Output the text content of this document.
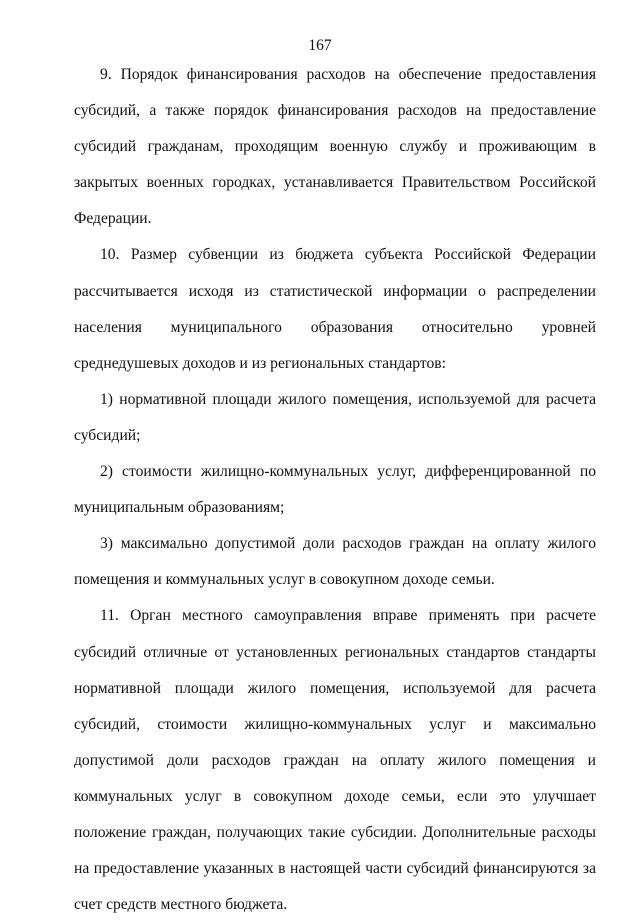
167

9. Порядок финансирования расходов на обеспечение предоставления субсидий, а также порядок финансирования расходов на предоставление субсидий гражданам, проходящим военную службу и проживающим в закрытых военных городках, устанавливается Правительством Российской Федерации.

10. Размер субвенции из бюджета субъекта Российской Федерации рассчитывается исходя из статистической информации о распределении населения муниципального образования относительно уровней среднедушевых доходов и из региональных стандартов:

1) нормативной площади жилого помещения, используемой для расчета субсидий;

2) стоимости жилищно-коммунальных услуг, дифференцированной по муниципальным образованиям;

3) максимально допустимой доли расходов граждан на оплату жилого помещения и коммунальных услуг в совокупном доходе семьи.

11. Орган местного самоуправления вправе применять при расчете субсидий отличные от установленных региональных стандартов стандарты нормативной площади жилого помещения, используемой для расчета субсидий, стоимости жилищно-коммунальных услуг и максимально допустимой доли расходов граждан на оплату жилого помещения и коммунальных услуг в совокупном доходе семьи, если это улучшает положение граждан, получающих такие субсидии. Дополнительные расходы на предоставление указанных в настоящей части субсидий финансируются за счет средств местного бюджета.
